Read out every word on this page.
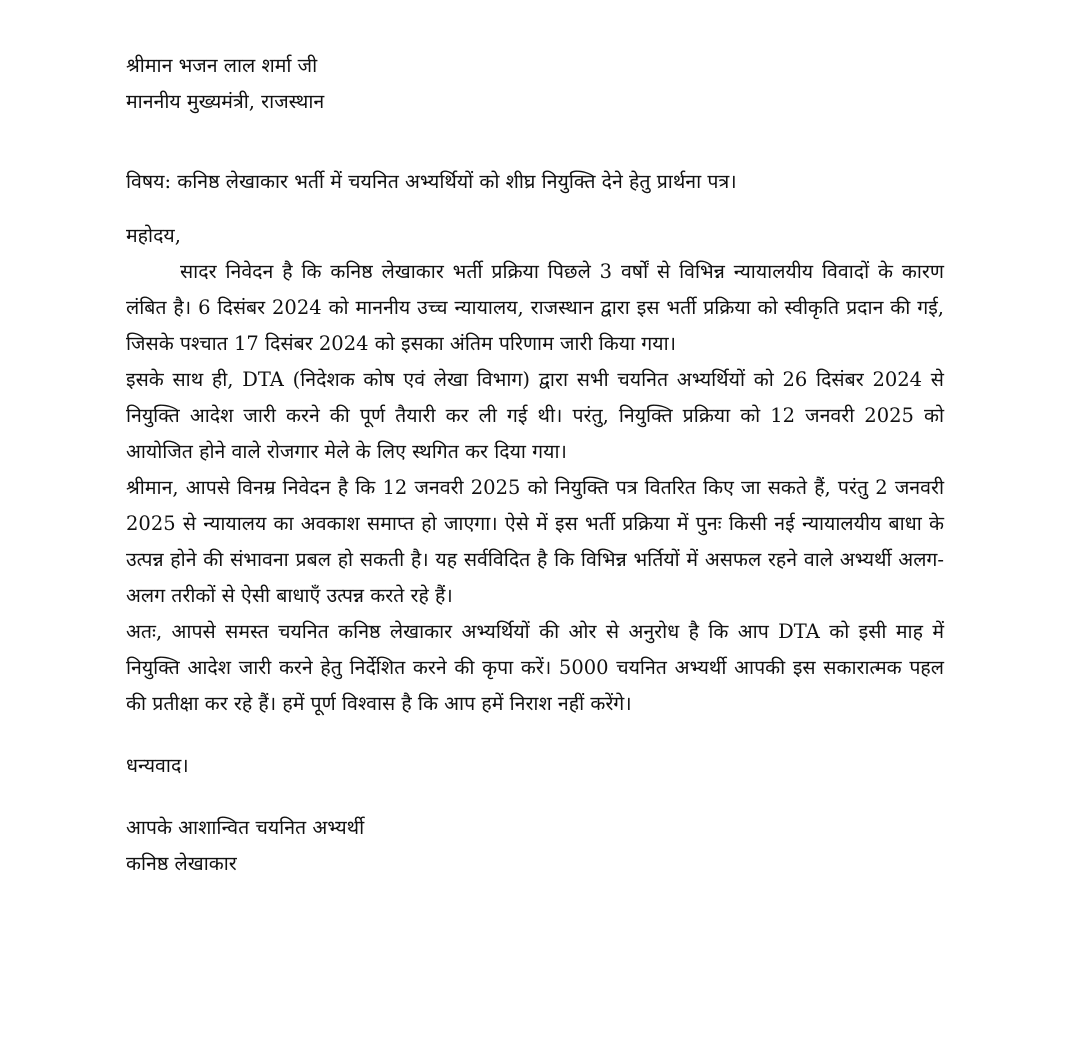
श्रीमान भजन लाल शर्मा जी
माननीय मुख्यमंत्री, राजस्थान
विषय: कनिष्ठ लेखाकार भर्ती में चयनित अभ्यर्थियों को शीघ्र नियुक्ति देने हेतु प्रार्थना पत्र।
महोदय,

सादर निवेदन है कि कनिष्ठ लेखाकार भर्ती प्रक्रिया पिछले 3 वर्षों से विभिन्न न्यायालयीय विवादों के कारण लंबित है। 6 दिसंबर 2024 को माननीय उच्च न्यायालय, राजस्थान द्वारा इस भर्ती प्रक्रिया को स्वीकृति प्रदान की गई, जिसके पश्चात 17 दिसंबर 2024 को इसका अंतिम परिणाम जारी किया गया।

इसके साथ ही, DTA (निदेशक कोष एवं लेखा विभाग) द्वारा सभी चयनित अभ्यर्थियों को 26 दिसंबर 2024 से नियुक्ति आदेश जारी करने की पूर्ण तैयारी कर ली गई थी। परंतु, नियुक्ति प्रक्रिया को 12 जनवरी 2025 को आयोजित होने वाले रोजगार मेले के लिए स्थगित कर दिया गया।

श्रीमान, आपसे विनम्र निवेदन है कि 12 जनवरी 2025 को नियुक्ति पत्र वितरित किए जा सकते हैं, परंतु 2 जनवरी 2025 से न्यायालय का अवकाश समाप्त हो जाएगा। ऐसे में इस भर्ती प्रक्रिया में पुनः किसी नई न्यायालयीय बाधा के उत्पन्न होने की संभावना प्रबल हो सकती है। यह सर्वविदित है कि विभिन्न भर्तियों में असफल रहने वाले अभ्यर्थी अलग-अलग तरीकों से ऐसी बाधाएँ उत्पन्न करते रहे हैं।

अतः, आपसे समस्त चयनित कनिष्ठ लेखाकार अभ्यर्थियों की ओर से अनुरोध है कि आप DTA को इसी माह में नियुक्ति आदेश जारी करने हेतु निर्देशित करने की कृपा करें। 5000 चयनित अभ्यर्थी आपकी इस सकारात्मक पहल की प्रतीक्षा कर रहे हैं। हमें पूर्ण विश्वास है कि आप हमें निराश नहीं करेंगे।

धन्यवाद।
आपके आशान्वित चयनित अभ्यर्थी
कनिष्ठ लेखाकार
